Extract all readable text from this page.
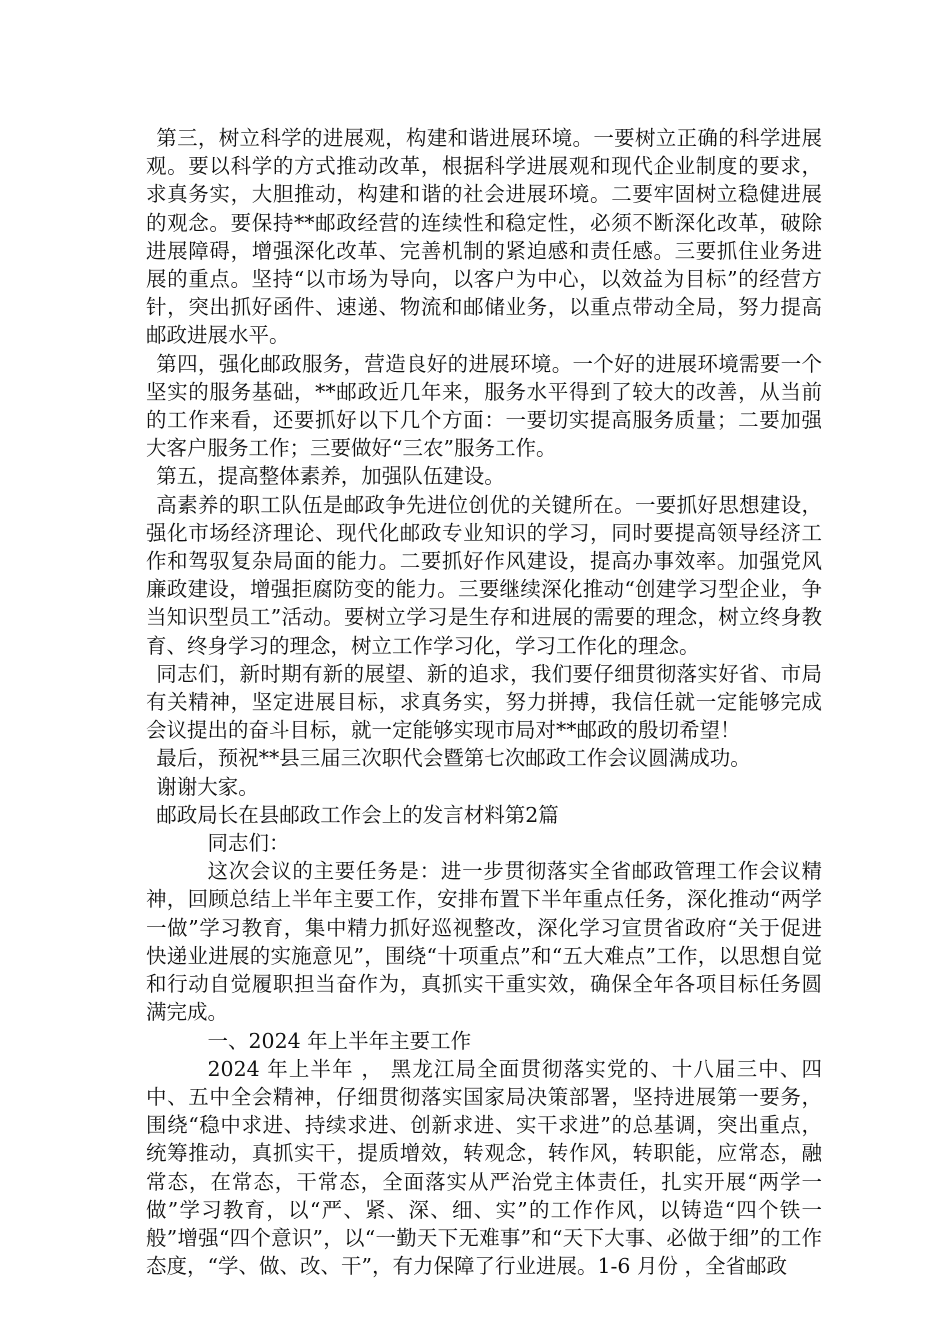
第三，树立科学的进展观，构建和谐进展环境。一要树立正确的科学进展观。要以科学的方式推动改革，根据科学进展观和现代企业制度的要求，求真务实，大胆推动，构建和谐的社会进展环境。二要牢固树立稳健进展的观念。要保持**邮政经营的连续性和稳定性，必须不断深化改革，破除进展障碍，增强深化改革、完善机制的紧迫感和责任感。三要抓住业务进展的重点。坚持“以市场为导向，以客户为中心，以效益为目标”的经营方针，突出抓好函件、速递、物流和邮储业务，以重点带动全局，努力提高邮政进展水平。

第四，强化邮政服务，营造良好的进展环境。一个好的进展环境需要一个坚实的服务基础，**邮政近几年来，服务水平得到了较大的改善，从当前的工作来看，还要抓好以下几个方面：一要切实提高服务质量；二要加强大客户服务工作；三要做好“三农”服务工作。

第五，提高整体素养，加强队伍建设。

高素养的职工队伍是邮政争先进位创优的关键所在。一要抓好思想建设，强化市场经济理论、现代化邮政专业知识的学习，同时要提高领导经济工作和驾驭复杂局面的能力。二要抓好作风建设，提高办事效率。加强党风廉政建设，增强拒腐防变的能力。三要继续深化推动“创建学习型企业，争当知识型员工”活动。要树立学习是生存和进展的需要的理念，树立终身教育、终身学习的理念，树立工作学习化，学习工作化的理念。

同志们，新时期有新的展望、新的追求，我们要仔细贯彻落实好省、市局有关精神，坚定进展目标，求真务实，努力拼搏，我信任就一定能够完成会议提出的奋斗目标，就一定能够实现市局对**邮政的殷切希望！

最后，预祝**县三届三次职代会暨第七次邮政工作会议圆满成功。

谢谢大家。

邮政局长在县邮政工作会上的发言材料第2篇

同志们：

这次会议的主要任务是：进一步贯彻落实全省邮政管理工作会议精神，回顾总结上半年主要工作，安排布置下半年重点任务，深化推动“两学一做”学习教育，集中精力抓好巡视整改，深化学习宣贯省政府“关于促进快递业进展的实施意见”，围绕“十项重点”和“五大难点”工作，以思想自觉和行动自觉履职担当奋作为，真抓实干重实效，确保全年各项目标任务圆满完成。

一、2024 年上半年主要工作

2024 年上半年 ， 黑龙江局全面贯彻落实党的、十八届三中、四中、五中全会精神，仔细贯彻落实国家局决策部署，坚持进展第一要务，围绕“稳中求进、持续求进、创新求进、实干求进”的总基调，突出重点，统筹推动，真抓实干，提质增效，转观念，转作风，转职能，应常态，融常态，在常态，干常态，全面落实从严治党主体责任，扎实开展“两学一做”学习教育，以“严、紧、深、细、实”的工作作风，以铸造“四个铁一般”增强“四个意识”，以“一勤天下无难事”和“天下大事、必做于细”的工作态度，“学、做、改、干”，有力保障了行业进展。1-6 月份 ，全省邮政
